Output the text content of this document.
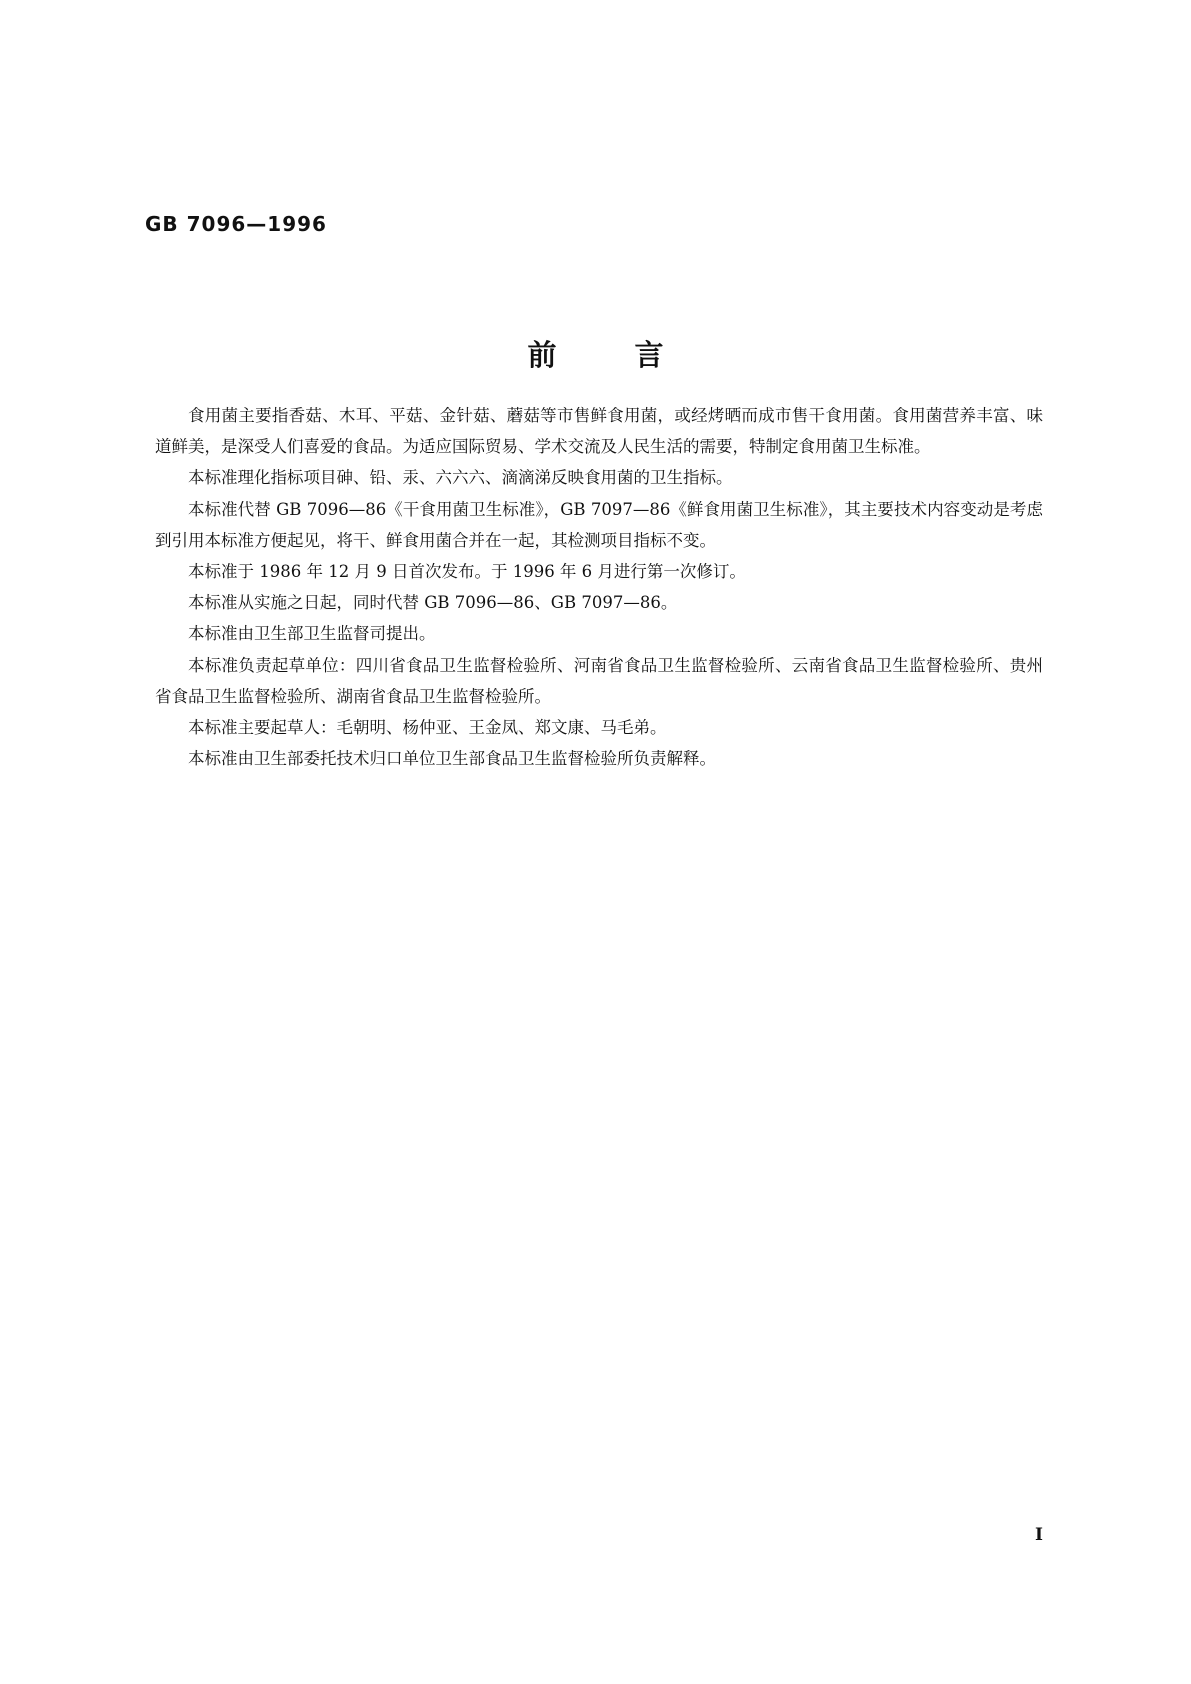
GB 7096—1996
前言

食用菌主要指香菇、木耳、平菇、金针菇、蘑菇等市售鲜食用菌，或经烤晒而成市售干食用菌。食用菌营养丰富、味道鲜美，是深受人们喜爱的食品。为适应国际贸易、学术交流及人民生活的需要，特制定食用菌卫生标准。

本标准理化指标项目砷、铅、汞、六六六、滴滴涕反映食用菌的卫生指标。

本标准代替 GB 7096—86《干食用菌卫生标准》，GB 7097—86《鲜食用菌卫生标准》，其主要技术内容变动是考虑到引用本标准方便起见，将干、鲜食用菌合并在一起，其检测项目指标不变。

本标准于 1986 年 12 月 9 日首次发布。于 1996 年 6 月进行第一次修订。

本标准从实施之日起，同时代替 GB 7096—86、GB 7097—86。

本标准由卫生部卫生监督司提出。

本标准负责起草单位：四川省食品卫生监督检验所、河南省食品卫生监督检验所、云南省食品卫生监督检验所、贵州省食品卫生监督检验所、湖南省食品卫生监督检验所。

本标准主要起草人：毛朝明、杨仲亚、王金凤、郑文康、马毛弟。

本标准由卫生部委托技术归口单位卫生部食品卫生监督检验所负责解释。

I
